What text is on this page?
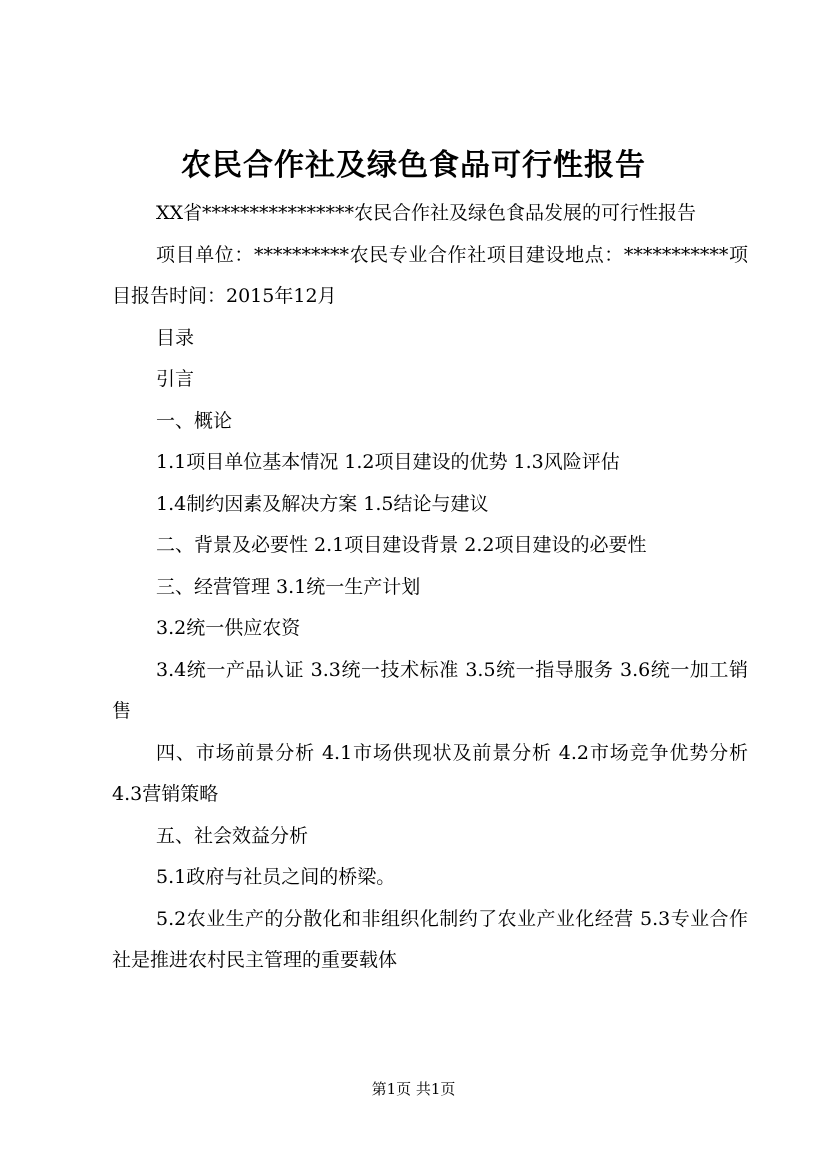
农民合作社及绿色食品可行性报告

XX省****************农民合作社及绿色食品发展的可行性报告

项目单位：**********农民专业合作社项目建设地点：***********项目报告时间：2015年12月

目录

引言

一、概论

1.1项目单位基本情况 1.2项目建设的优势 1.3风险评估

1.4制约因素及解决方案 1.5结论与建议

二、背景及必要性 2.1项目建设背景 2.2项目建设的必要性

三、经营管理 3.1统一生产计划

3.2统一供应农资

3.4统一产品认证 3.3统一技术标准 3.5统一指导服务 3.6统一加工销售

四、市场前景分析 4.1市场供现状及前景分析 4.2市场竞争优势分析 4.3营销策略

五、社会效益分析

5.1政府与社员之间的桥梁。

5.2农业生产的分散化和非组织化制约了农业产业化经营 5.3专业合作社是推进农村民主管理的重要载体

第1页 共1页
